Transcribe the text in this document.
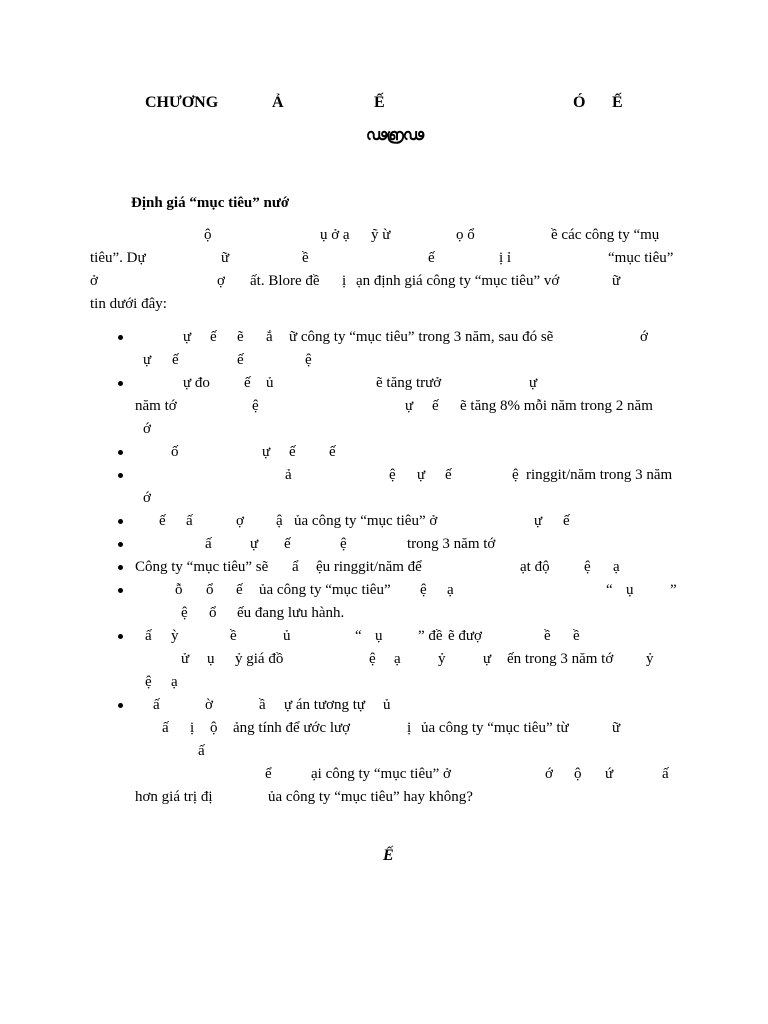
CHƯƠNG	Ả	Ế	Ó Ế
ഢ൏ഢ
Định giá “mục tiêu” nướ
ộ	ụ ở ạ ỹ ừ	ọ ổ	ề các công ty “mụ
tiêu”. Dự	ữ	ề	ế	ị ỉ	“mục tiêu”
ở	ợ ất. Blore đề ị ạn định giá công ty “mục tiêu” vớ	ữ
tin dưới đây:
ự ế ẽ ắ ữ công ty “mục tiêu” trong 3 năm, sau đó sẽ	ớ
ự ế	ế	ệ
ự đo ế ủ	ẽ tăng trưở	ự
năm tớ	ệ	ự ế ẽ tăng 8% mỗi năm trong 2 năm
ớ
ố	ự ế ế
ả	ệ ự ế	ệ ringgit/năm trong 3 năm
ớ
ế ấ	ợ ậ ủa công ty “mục tiêu” ở	ự ế
ấ	ự ế	ệ	trong 3 năm tớ
Công ty “mục tiêu” sẽ ẩ ệu ringgit/năm để	ạt độ ệ ạ
ỗ ổ ế ủa công ty “mục tiêu” ệ ạ	“ ụ ”
ệ ổ ếu đang lưu hành.
ấ ỳ	ề	ủ	“ ụ ” đề ẽ đượ	ề ề
ử ụ ỷ giá đồ	ệ ạ ỷ	ự ến trong 3 năm tớ ỷ
ệ ạ
ấ	ờ	ầ ự án tương tự ủ
ấ ị ộ ảng tính để ước lượ	ị ủa công ty “mục tiêu” từ	ữ
ấ
ể	ại công ty “mục tiêu” ở	ớ ộ ứ	ấ
hơn giá trị đị	ủa công ty “mục tiêu” hay không?
Ế
